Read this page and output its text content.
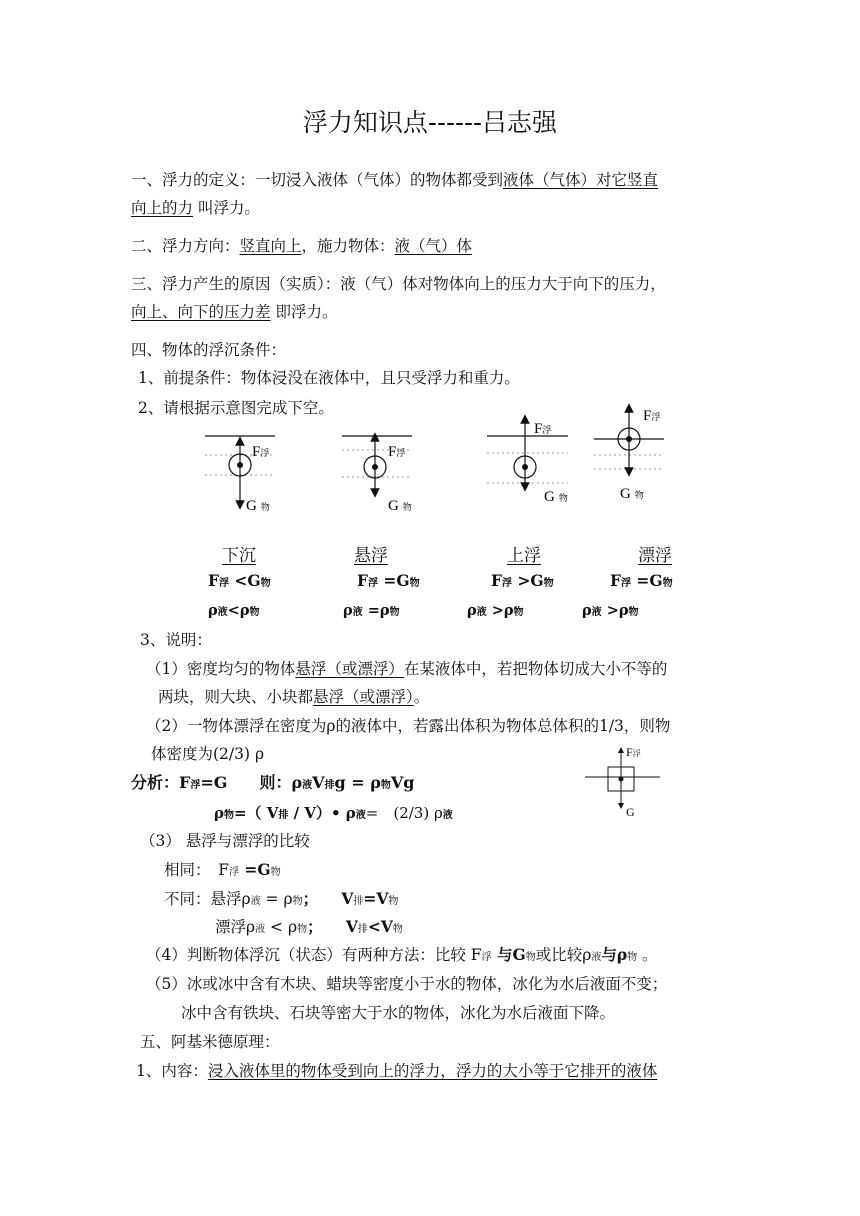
浮力知识点------吕志强
一、浮力的定义：一切浸入液体（气体）的物体都受到液体（气体）对它竖直
向上的力 叫浮力。
二、浮力方向：竖直向上，施力物体：液（气）体
三、浮力产生的原因（实质）：液（气）体对物体向上的压力大于向下的压力，
向上、向下的压力差 即浮力。
四、物体的浮沉条件：
1、前提条件：物体浸没在液体中，且只受浮力和重力。
2、请根据示意图完成下空。
F浮
G物
F浮
G物
F浮
G物
F浮
G物
下沉	悬浮	上浮	漂浮
F浮 <G物	F浮 =G物	F浮 >G物	F浮 =G物
ρ液<ρ物	ρ液 =ρ物	ρ液 >ρ物	ρ液 >ρ物
3、说明：
（1）密度均匀的物体悬浮（或漂浮）在某液体中，若把物体切成大小不等的
两块，则大块、小块都悬浮（或漂浮）。
（2）一物体漂浮在密度为ρ的液体中，若露出体积为物体总体积的1/3，则物
体密度为(2/3) ρ
分析：F浮=G　　则：ρ液V排g = ρ物Vg
ρ物=（ V排 / V）• ρ液=　(2/3) ρ液
F浮
G
（3） 悬浮与漂浮的比较
相同：　F浮 =G物
不同：悬浮ρ液 = ρ物；　　V排=V物
漂浮ρ液 < ρ物；　　V排<V物
（4）判断物体浮沉（状态）有两种方法：比较 F浮 与G物或比较ρ液与ρ物 。
（5）冰或冰中含有木块、蜡块等密度小于水的物体，冰化为水后液面不变；
冰中含有铁块、石块等密大于水的物体，冰化为水后液面下降。
五、阿基米德原理：
1、内容：浸入液体里的物体受到向上的浮力，浮力的大小等于它排开的液体
